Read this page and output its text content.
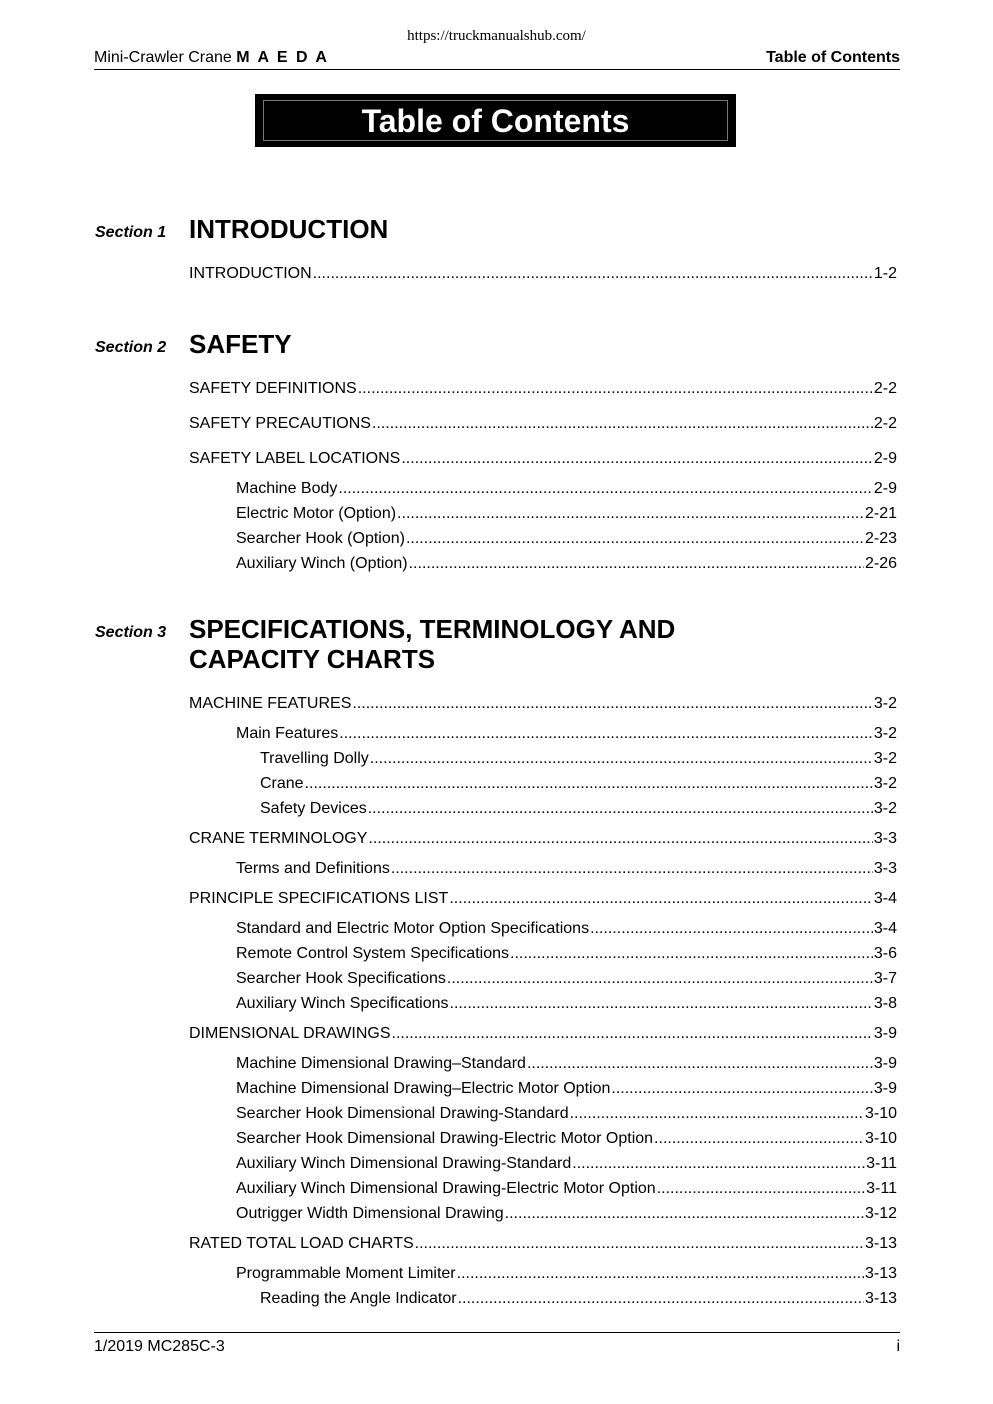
https://truckmanualshub.com/
Mini-Crawler Crane M A E D A	Table of Contents
Table of Contents
Section 1 INTRODUCTION
INTRODUCTION .....	1-2
Section 2 SAFETY
SAFETY DEFINITIONS .....	2-2
SAFETY PRECAUTIONS .....	2-2
SAFETY LABEL LOCATIONS .....	2-9
Machine Body .....	2-9
Electric Motor (Option) .....	2-21
Searcher Hook (Option) .....	2-23
Auxiliary Winch (Option) .....	2-26
Section 3 SPECIFICATIONS, TERMINOLOGY AND
CAPACITY CHARTS
MACHINE FEATURES .....	3-2
Main Features .....	3-2
Travelling Dolly .....	3-2
Crane .....	3-2
Safety Devices .....	3-2
CRANE TERMINOLOGY .....	3-3
Terms and Definitions .....	3-3
PRINCIPLE SPECIFICATIONS LIST .....	3-4
Standard and Electric Motor Option Specifications .....	3-4
Remote Control System Specifications .....	3-6
Searcher Hook Specifications .....	3-7
Auxiliary Winch Specifications .....	3-8
DIMENSIONAL DRAWINGS .....	3-9
Machine Dimensional Drawing–Standard .....	3-9
Machine Dimensional Drawing–Electric Motor Option .....	3-9
Searcher Hook Dimensional Drawing-Standard .....	3-10
Searcher Hook Dimensional Drawing-Electric Motor Option .....	3-10
Auxiliary Winch Dimensional Drawing-Standard .....	3-11
Auxiliary Winch Dimensional Drawing-Electric Motor Option .....	3-11
Outrigger Width Dimensional Drawing .....	3-12
RATED TOTAL LOAD CHARTS .....	3-13
Programmable Moment Limiter .....	3-13
Reading the Angle Indicator .....	3-13
1/2019 MC285C-3	i
